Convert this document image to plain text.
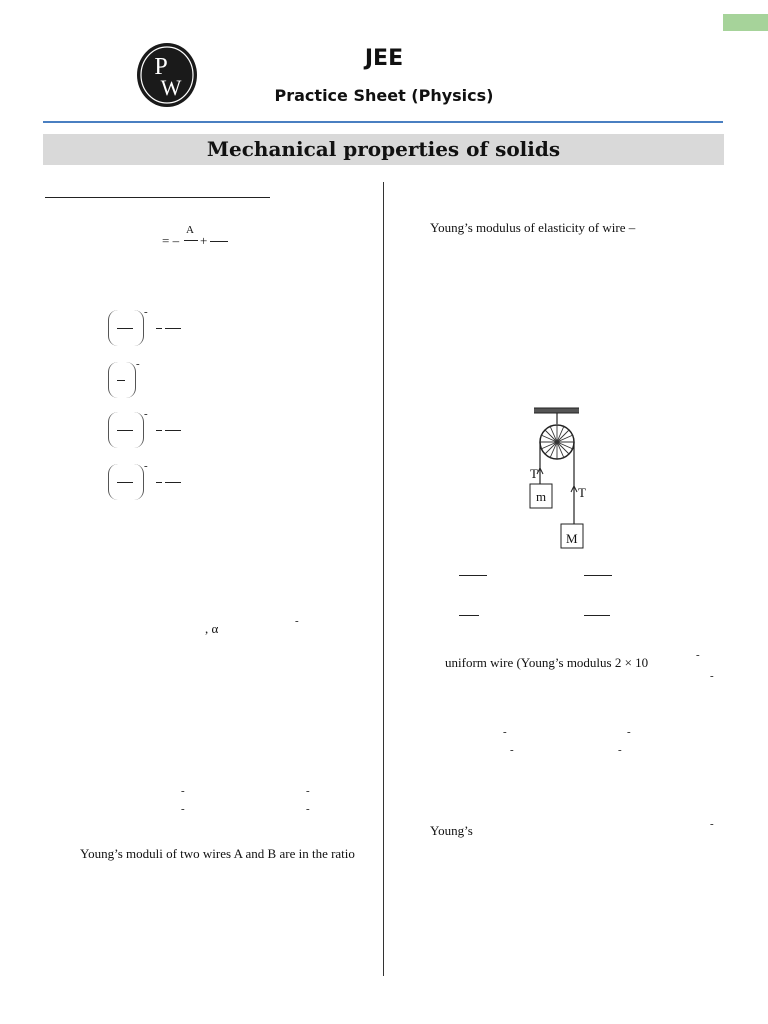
P
W
JEE
Practice Sheet (Physics)
Mechanical properties of solids
= –
A
+
-
-
-
-
, α	-
-	-
-	-
Young’s moduli of two wires A and B are in the ratio
Young’s modulus of elasticity of wire –
T
T
m
M
uniform wire (Young’s modulus 2 × 10	-
-
-	-
-	-
Young’s	-
